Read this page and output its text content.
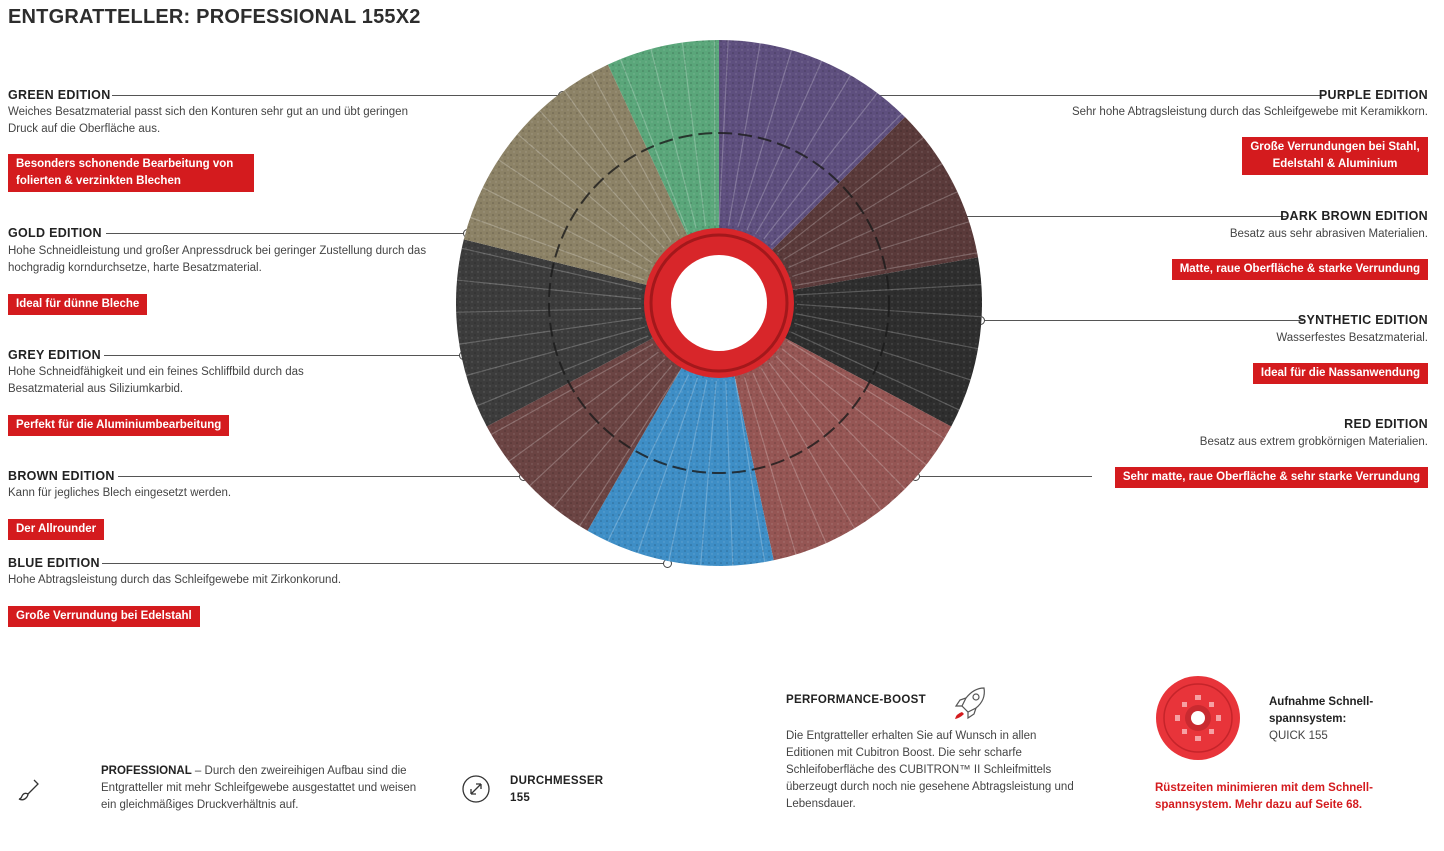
ENTGRATTELLER: PROFESSIONAL 155X2
GREEN EDITION
Weiches Besatzmaterial passt sich den Konturen sehr gut an und übt geringen Druck auf die Oberfläche aus.
Besonders schonende Bearbeitung von folierten & verzinkten Blechen
GOLD EDITION
Hohe Schneidleistung und großer Anpressdruck bei geringer Zustellung durch das hochgradig korndurchsetze, harte Besatzmaterial.
Ideal für dünne Bleche
GREY EDITION
Hohe Schneidfähigkeit und ein feines Schliffbild durch das Besatzmaterial aus Siliziumkarbid.
Perfekt für die Aluminiumbearbeitung
BROWN EDITION
Kann für jegliches Blech eingesetzt werden.
Der Allrounder
BLUE EDITION
Hohe Abtragsleistung durch das Schleifgewebe mit Zirkonkorund.
Große Verrundung bei Edelstahl
PURPLE EDITION
Sehr hohe Abtragsleistung durch das Schleifgewebe mit Keramikkorn.
Große Verrundungen bei Stahl, Edelstahl & Aluminium
DARK BROWN EDITION
Besatz aus sehr abrasiven Materialien.
Matte, raue Oberfläche & starke Verrundung
SYNTHETIC EDITION
Wasserfestes Besatzmaterial.
Ideal für die Nassanwendung
RED EDITION
Besatz aus extrem grobkörnigen Materialien.
Sehr matte, raue Oberfläche & sehr starke Verrundung
PROFESSIONAL – Durch den zweireihigen Aufbau sind die Entgratteller mit mehr Schleifgewebe ausgestattet und weisen ein gleichmäßiges Druckverhältnis auf.
DURCHMESSER
155
PERFORMANCE-BOOST
Die Entgratteller erhalten Sie auf Wunsch in allen Editionen mit Cubitron Boost. Die sehr scharfe Schleifoberfläche des CUBITRON™ II Schleifmittels überzeugt durch noch nie gesehene Abtragsleistung und Lebensdauer.
Aufnahme Schnell-spannsystem:
QUICK 155
Rüstzeiten minimieren mit dem Schnell-spannsystem. Mehr dazu auf Seite 68.
